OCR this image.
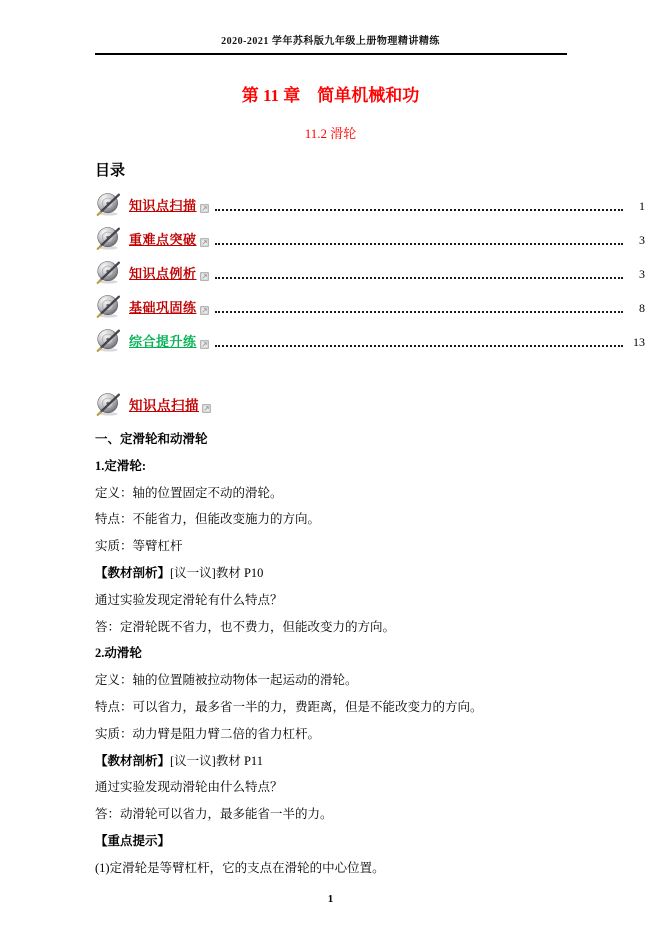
2020-2021 学年苏科版九年级上册物理精讲精练
第 11 章　简单机械和功
11.2 滑轮
目录
知识点扫描	1
重难点突破	3
知识点例析	3
基础巩固练	8
综合提升练	13
知识点扫描

一、定滑轮和动滑轮

1.定滑轮:

定义：轴的位置固定不动的滑轮。

特点：不能省力，但能改变施力的方向。

实质：等臂杠杆

【教材剖析】[议一议]教材 P10

通过实验发现定滑轮有什么特点？

答：定滑轮既不省力，也不费力，但能改变力的方向。

2.动滑轮

定义：轴的位置随被拉动物体一起运动的滑轮。

特点：可以省力，最多省一半的力，费距离，但是不能改变力的方向。

实质：动力臂是阻力臂二倍的省力杠杆。

【教材剖析】[议一议]教材 P11

通过实验发现动滑轮由什么特点？

答：动滑轮可以省力，最多能省一半的力。

【重点提示】

(1)定滑轮是等臂杠杆，它的支点在滑轮的中心位置。

1
